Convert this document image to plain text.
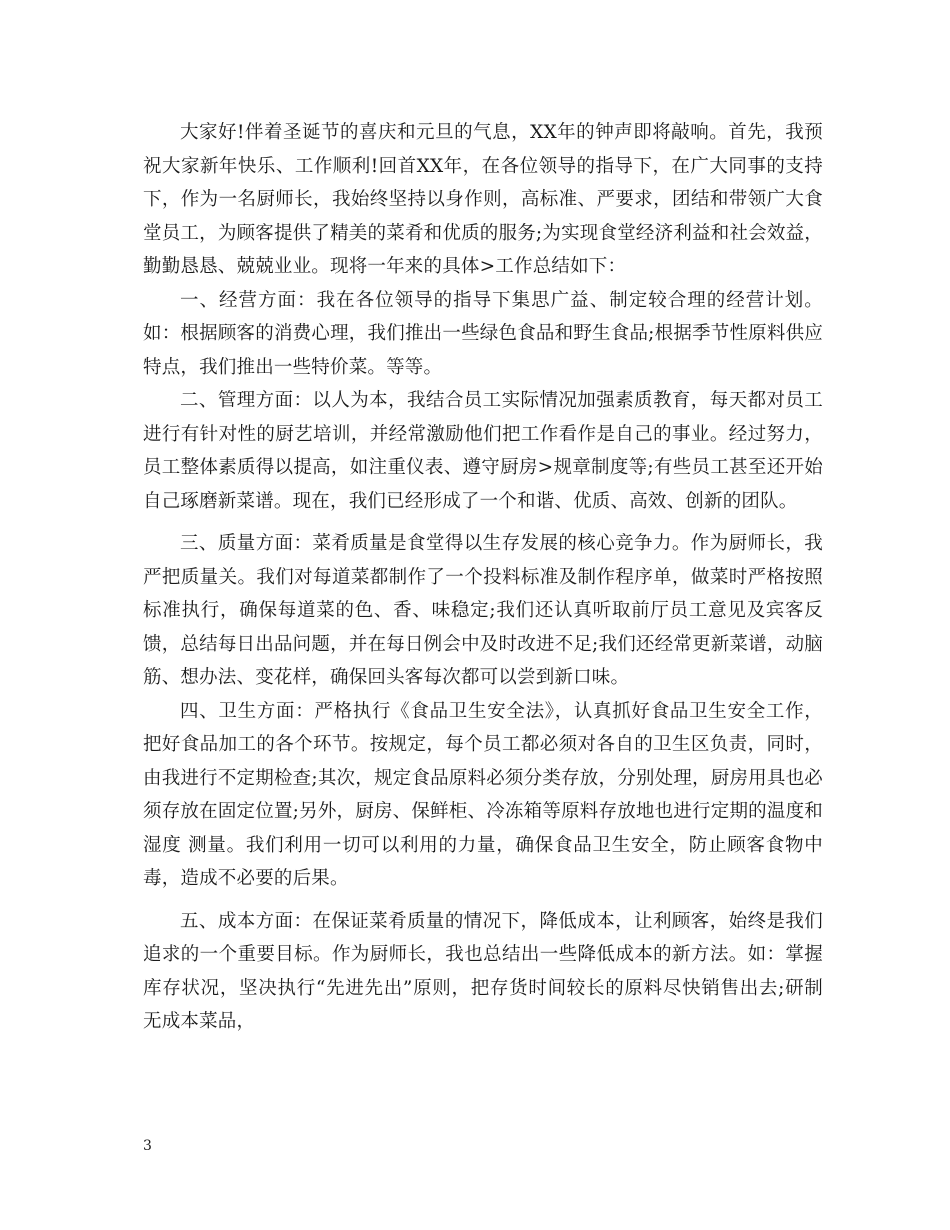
大家好!伴着圣诞节的喜庆和元旦的气息，XX年的钟声即将敲响。首先，我预祝大家新年快乐、工作顺利!回首XX年，在各位领导的指导下，在广大同事的支持下，作为一名厨师长，我始终坚持以身作则，高标准、严要求，团结和带领广大食堂员工，为顾客提供了精美的菜肴和优质的服务;为实现食堂经济利益和社会效益，勤勤恳恳、兢兢业业。现将一年来的具体>工作总结如下：

一、经营方面：我在各位领导的指导下集思广益、制定较合理的经营计划。如：根据顾客的消费心理，我们推出一些绿色食品和野生食品;根据季节性原料供应特点，我们推出一些特价菜。等等。

二、管理方面：以人为本，我结合员工实际情况加强素质教育，每天都对员工进行有针对性的厨艺培训，并经常激励他们把工作看作是自己的事业。经过努力，员工整体素质得以提高，如注重仪表、遵守厨房>规章制度等;有些员工甚至还开始自己琢磨新菜谱。现在，我们已经形成了一个和谐、优质、高效、创新的团队。

三、质量方面：菜肴质量是食堂得以生存发展的核心竞争力。作为厨师长，我严把质量关。我们对每道菜都制作了一个投料标准及制作程序单，做菜时严格按照标准执行，确保每道菜的色、香、味稳定;我们还认真听取前厅员工意见及宾客反馈，总结每日出品问题，并在每日例会中及时改进不足;我们还经常更新菜谱，动脑筋、想办法、变花样，确保回头客每次都可以尝到新口味。

四、卫生方面：严格执行《食品卫生安全法》，认真抓好食品卫生安全工作，把好食品加工的各个环节。按规定，每个员工都必须对各自的卫生区负责，同时，由我进行不定期检查;其次，规定食品原料必须分类存放，分别处理，厨房用具也必须存放在固定位置;另外，厨房、保鲜柜、冷冻箱等原料存放地也进行定期的温度和湿度 测量。我们利用一切可以利用的力量，确保食品卫生安全，防止顾客食物中毒，造成不必要的后果。

五、成本方面：在保证菜肴质量的情况下，降低成本，让利顾客，始终是我们追求的一个重要目标。作为厨师长，我也总结出一些降低成本的新方法。如：掌握库存状况，坚决执行“先进先出”原则，把存货时间较长的原料尽快销售出去;研制无成本菜品，

3
